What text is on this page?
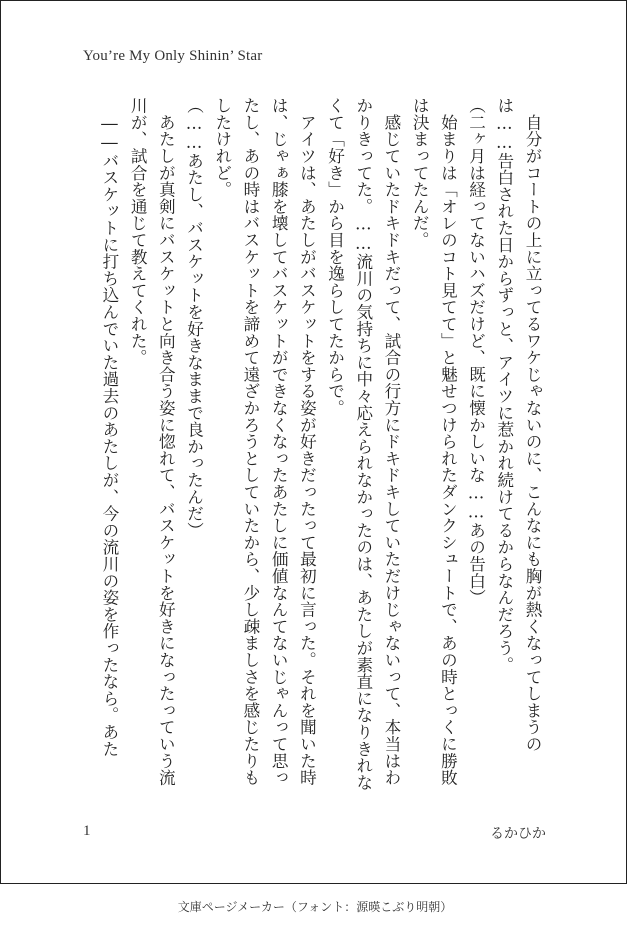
You’re My Only Shinin’ Star

　自分がコートの上に立ってるワケじゃないのに、こんなにも胸が熱くなってしまうのは……告白された日からずっと、アイツに惹かれ続けてるからなんだろう。

（二ヶ月は経ってないハズだけど、既に懐かしいな……あの告白）

　始まりは「オレのコト見てて」と魅せつけられたダンクシュートで、あの時とっくに勝敗は決まってたんだ。

　感じていたドキドキだって、試合の行方にドキドキしていただけじゃないって、本当はわかりきってた。……流川の気持ちに中々応えられなかったのは、あたしが素直になりきれなくて「好き」から目を逸らしてたからで。

　アイツは、あたしがバスケットをする姿が好きだったって最初に言った。それを聞いた時は、じゃぁ膝を壊してバスケットができなくなったあたしに価値なんてないじゃんって思ったし、あの時はバスケットを諦めて遠ざかろうとしていたから、少し疎ましさを感じたりもしたけれど。

（……あたし、バスケットを好きなままで良かったんだ）

　あたしが真剣にバスケットと向き合う姿に惚れて、バスケットを好きになったっていう流川が、試合を通じて教えてくれた。

　――バスケットに打ち込んでいた過去のあたしが、今の流川の姿を作ったなら。あた

1	るかひか
文庫ページメーカー（フォント：源暎こぶり明朝）
